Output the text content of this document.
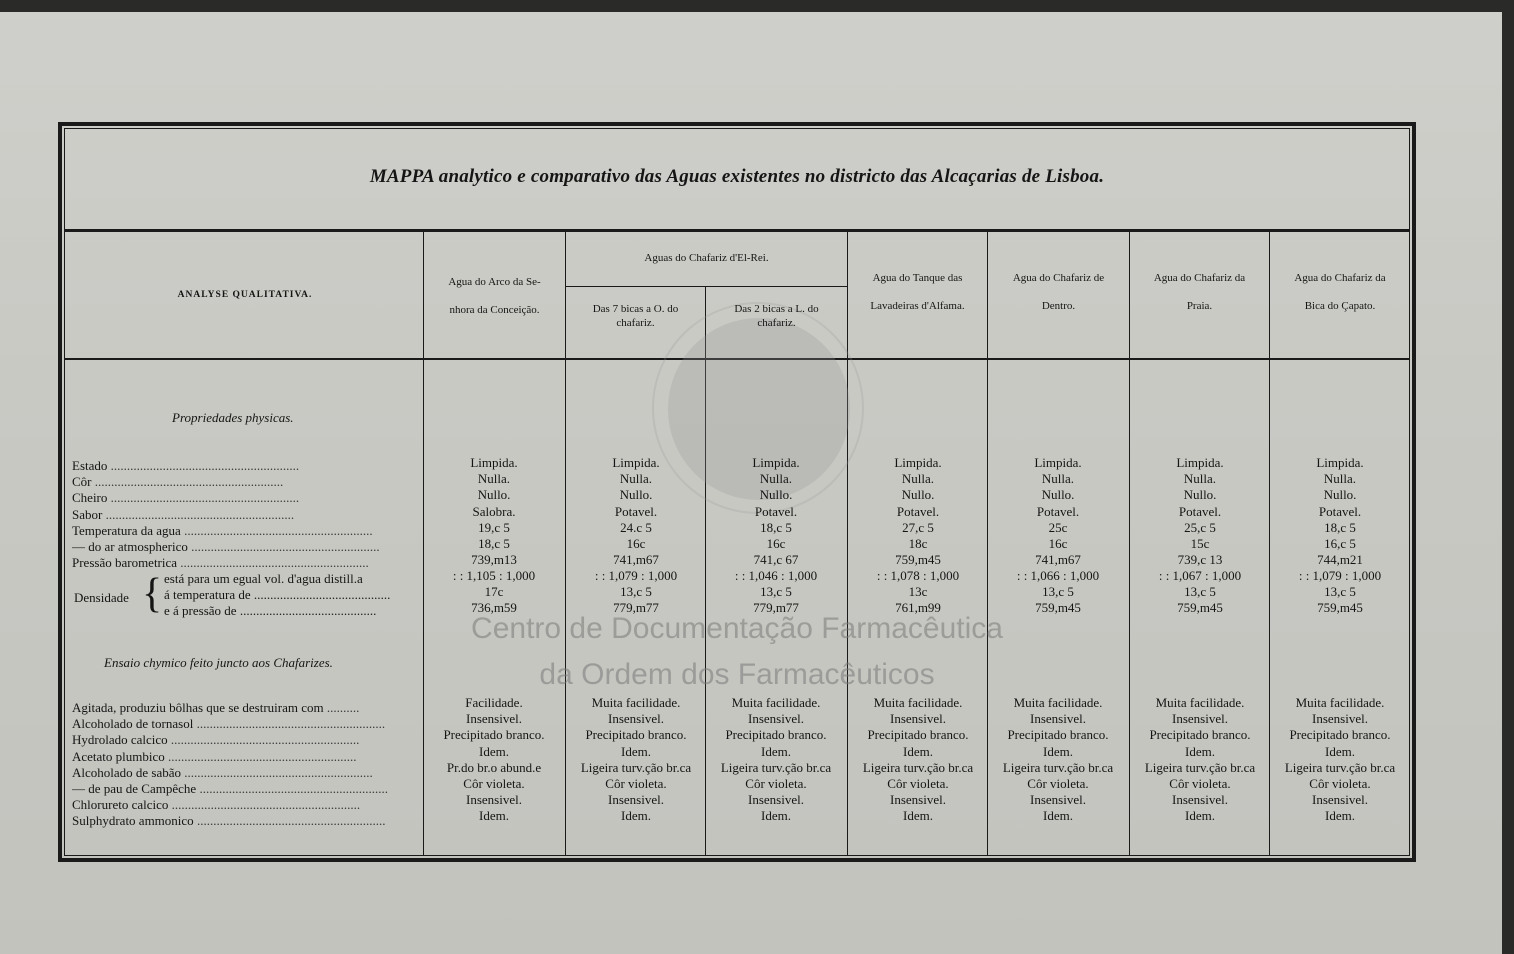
MAPPA analytico e comparativo das Aguas existentes no districto das Alcaçarias de Lisboa.
ANALYSE QUALITATIVA.
Agua do Arco da Se-
nhora da Conceição.
Aguas do Chafariz d'El-Rei.
Das 7 bicas a O. do
chafariz.
Das 2 bicas a L. do
chafariz.
Agua do Tanque das
Lavadeiras d'Alfama.
Agua do Chafariz de
Dentro.
Agua do Chafariz da
Praia.
Agua do Chafariz da
Bica do Çapato.
Propriedades physicas.
Ensaio chymico feito juncto aos Chafarizes.
Estado ..........................................................
Côr ..........................................................
Cheiro ..........................................................
Sabor ..........................................................
Temperatura da agua ..........................................................
— do ar atmospherico ..........................................................
Pressão barometrica ..........................................................
Densidade { está para um egual vol. d'agua distill.a
á temperatura de ..........................................
e á pressão de ..........................................
Agitada, produziu bôlhas que se destruiram com ..........
Alcoholado de tornasol ..........................................................
Hydrolado calcico ..........................................................
Acetato plumbico ..........................................................
Alcoholado de sabão ..........................................................
— de pau de Campêche ..........................................................
Chlorureto calcico ..........................................................
Sulphydrato ammonico ..........................................................
Limpida.
Nulla.
Nullo.
Salobra.
19,c 5
18,c 5
739,m13
: : 1,105 : 1,000
17c
736,m59
Facilidade.
Insensivel.
Precipitado branco.
Idem.
Pr.do br.o abund.e
Côr violeta.
Insensivel.
Idem.
Limpida.
Nulla.
Nullo.
Potavel.
24.c 5
16c
741,m67
: : 1,079 : 1,000
13,c 5
779,m77
Muita facilidade.
Insensivel.
Precipitado branco.
Idem.
Ligeira turv.ção br.ca
Côr violeta.
Insensivel.
Idem.
Limpida.
Nulla.
Nullo.
Potavel.
18,c 5
16c
741,c 67
: : 1,046 : 1,000
13,c 5
779,m77
Muita facilidade.
Insensivel.
Precipitado branco.
Idem.
Ligeira turv.ção br.ca
Côr violeta.
Insensivel.
Idem.
Limpida.
Nulla.
Nullo.
Potavel.
27,c 5
18c
759,m45
: : 1,078 : 1,000
13c
761,m99
Muita facilidade.
Insensivel.
Precipitado branco.
Idem.
Ligeira turv.ção br.ca
Côr violeta.
Insensivel.
Idem.
Limpida.
Nulla.
Nullo.
Potavel.
25c
16c
741,m67
: : 1,066 : 1,000
13,c 5
759,m45
Muita facilidade.
Insensivel.
Precipitado branco.
Idem.
Ligeira turv.ção br.ca
Côr violeta.
Insensivel.
Idem.
Limpida.
Nulla.
Nullo.
Potavel.
25,c 5
15c
739,c 13
: : 1,067 : 1,000
13,c 5
759,m45
Muita facilidade.
Insensivel.
Precipitado branco.
Idem.
Ligeira turv.ção br.ca
Côr violeta.
Insensivel.
Idem.
Limpida.
Nulla.
Nullo.
Potavel.
18,c 5
16,c 5
744,m21
: : 1,079 : 1,000
13,c 5
759,m45
Muita facilidade.
Insensivel.
Precipitado branco.
Idem.
Ligeira turv.ção br.ca
Côr violeta.
Insensivel.
Idem.
Centro de Documentação Farmacêutica
da Ordem dos Farmacêuticos
